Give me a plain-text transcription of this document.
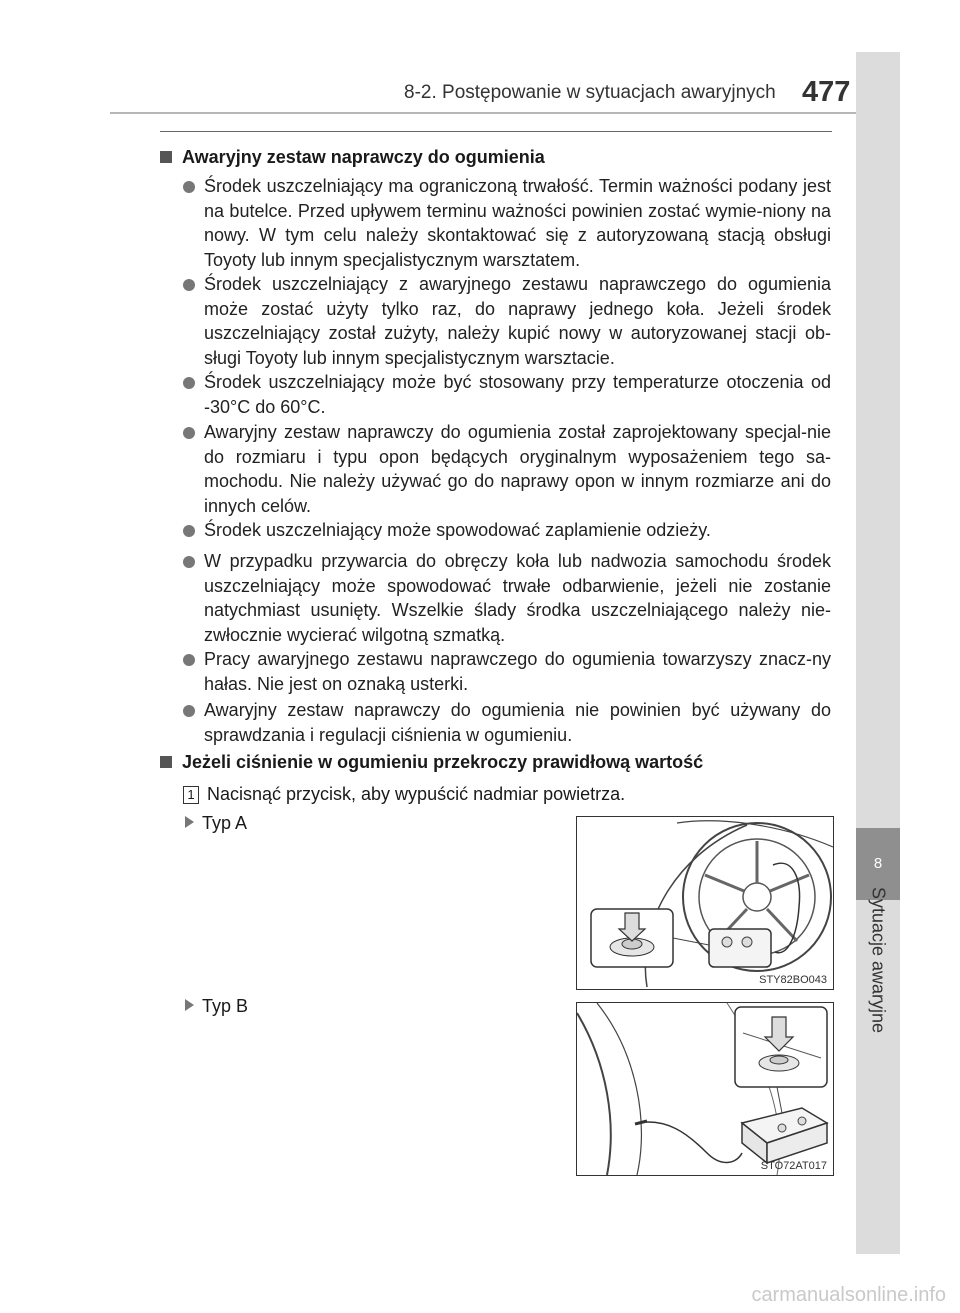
8-2. Postępowanie w sytuacjach awaryjnych 477
8
Sytuacje awaryjne
Awaryjny zestaw naprawczy do ogumienia
Środek uszczelniający ma ograniczoną trwałość. Termin ważności podany jest na butelce. Przed upływem terminu ważności powinien zostać wymie-niony na nowy. W tym celu należy skontaktować się z autoryzowaną stacją obsługi Toyoty lub innym specjalistycznym warsztatem.
Środek uszczelniający z awaryjnego zestawu naprawczego do ogumienia może zostać użyty tylko raz, do naprawy jednego koła. Jeżeli środek uszczelniający został zużyty, należy kupić nowy w autoryzowanej stacji ob-sługi Toyoty lub innym specjalistycznym warsztacie.
Środek uszczelniający może być stosowany przy temperaturze otoczenia od -30°C do 60°C.
Awaryjny zestaw naprawczy do ogumienia został zaprojektowany specjal-nie do rozmiaru i typu opon będących oryginalnym wyposażeniem tego sa-mochodu. Nie należy używać go do naprawy opon w innym rozmiarze ani do innych celów.
Środek uszczelniający może spowodować zaplamienie odzieży.
W przypadku przywarcia do obręczy koła lub nadwozia samochodu środek uszczelniający może spowodować trwałe odbarwienie, jeżeli nie zostanie natychmiast usunięty. Wszelkie ślady środka uszczelniającego należy nie-zwłocznie wycierać wilgotną szmatką.
Pracy awaryjnego zestawu naprawczego do ogumienia towarzyszy znacz-ny hałas. Nie jest on oznaką usterki.
Awaryjny zestaw naprawczy do ogumienia nie powinien być używany do sprawdzania i regulacji ciśnienia w ogumieniu.
Jeżeli ciśnienie w ogumieniu przekroczy prawidłową wartość
1 Nacisnąć przycisk, aby wypuścić nadmiar powietrza.
Typ A
Typ B
STY82BO043
STO72AT017
carmanualsonline.info
